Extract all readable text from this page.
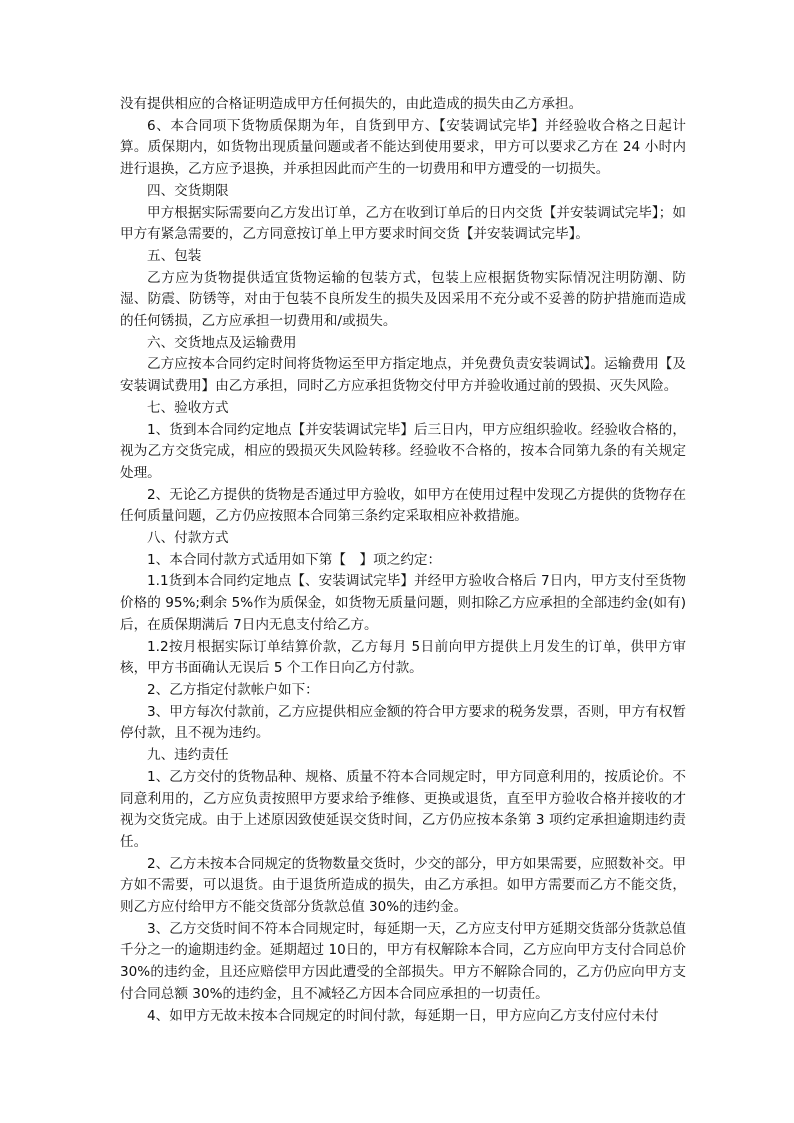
没有提供相应的合格证明造成甲方任何损失的，由此造成的损失由乙方承担。

6、本合同项下货物质保期为年，自货到甲方、【安装调试完毕】并经验收合格之日起计算。质保期内，如货物出现质量问题或者不能达到使用要求，甲方可以要求乙方在 24 小时内进行退换，乙方应予退换，并承担因此而产生的一切费用和甲方遭受的一切损失。

四、交货期限

甲方根据实际需要向乙方发出订单，乙方在收到订单后的日内交货【并安装调试完毕】；如甲方有紧急需要的，乙方同意按订单上甲方要求时间交货【并安装调试完毕】。

五、包装

乙方应为货物提供适宜货物运输的包装方式，包装上应根据货物实际情况注明防潮、防湿、防震、防锈等，对由于包装不良所发生的损失及因采用不充分或不妥善的防护措施而造成的任何锈损，乙方应承担一切费用和/或损失。

六、交货地点及运输费用

乙方应按本合同约定时间将货物运至甲方指定地点，并免费负责安装调试】。运输费用【及安装调试费用】由乙方承担，同时乙方应承担货物交付甲方并验收通过前的毁损、灭失风险。

七、验收方式

1、货到本合同约定地点【并安装调试完毕】后三日内，甲方应组织验收。经验收合格的，视为乙方交货完成，相应的毁损灭失风险转移。经验收不合格的，按本合同第九条的有关规定处理。

2、无论乙方提供的货物是否通过甲方验收，如甲方在使用过程中发现乙方提供的货物存在任何质量问题，乙方仍应按照本合同第三条约定采取相应补救措施。

八、付款方式

1、本合同付款方式适用如下第【　】项之约定：

1.1货到本合同约定地点【、安装调试完毕】并经甲方验收合格后 7日内，甲方支付至货物价格的 95%;剩余 5%作为质保金，如货物无质量问题，则扣除乙方应承担的全部违约金(如有)后，在质保期满后 7日内无息支付给乙方。

1.2按月根据实际订单结算价款，乙方每月 5日前向甲方提供上月发生的订单，供甲方审核，甲方书面确认无误后 5 个工作日向乙方付款。

2、乙方指定付款帐户如下：

3、甲方每次付款前，乙方应提供相应金额的符合甲方要求的税务发票，否则，甲方有权暂停付款，且不视为违约。

九、违约责任

1、乙方交付的货物品种、规格、质量不符本合同规定时，甲方同意利用的，按质论价。不同意利用的，乙方应负责按照甲方要求给予维修、更换或退货，直至甲方验收合格并接收的才视为交货完成。由于上述原因致使延误交货时间，乙方仍应按本条第 3 项约定承担逾期违约责任。

2、乙方未按本合同规定的货物数量交货时，少交的部分，甲方如果需要，应照数补交。甲方如不需要，可以退货。由于退货所造成的损失，由乙方承担。如甲方需要而乙方不能交货，则乙方应付给甲方不能交货部分货款总值 30%的违约金。

3、乙方交货时间不符本合同规定时，每延期一天，乙方应支付甲方延期交货部分货款总值千分之一的逾期违约金。延期超过 10日的，甲方有权解除本合同，乙方应向甲方支付合同总价 30%的违约金，且还应赔偿甲方因此遭受的全部损失。甲方不解除合同的，乙方仍应向甲方支付合同总额 30%的违约金，且不减轻乙方因本合同应承担的一切责任。

4、如甲方无故未按本合同规定的时间付款，每延期一日，甲方应向乙方支付应付未付
